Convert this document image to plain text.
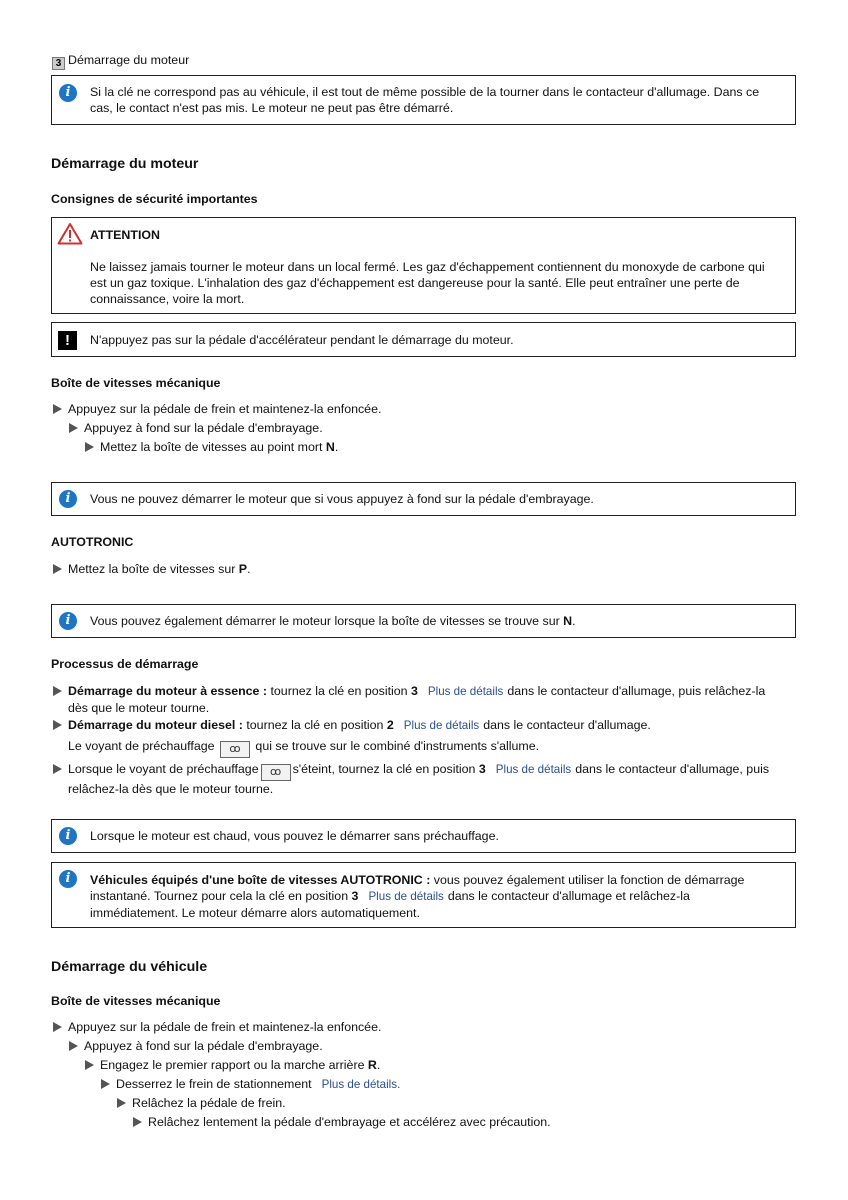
3 Démarrage du moteur
i	Si la clé ne correspond pas au véhicule, il est tout de même possible de la tourner dans le contacteur d'allumage. Dans ce cas, le contact n'est pas mis. Le moteur ne peut pas être démarré.
Démarrage du moteur
Consignes de sécurité importantes
ATTENTION
Ne laissez jamais tourner le moteur dans un local fermé. Les gaz d'échappement contiennent du monoxyde de carbone qui est un gaz toxique. L'inhalation des gaz d'échappement est dangereuse pour la santé. Elle peut entraîner une perte de connaissance, voire la mort.
!	N'appuyez pas sur la pédale d'accélérateur pendant le démarrage du moteur.
Boîte de vitesses mécanique
Appuyez sur la pédale de frein et maintenez-la enfoncée.
Appuyez à fond sur la pédale d'embrayage.
Mettez la boîte de vitesses au point mort N.
i	Vous ne pouvez démarrer le moteur que si vous appuyez à fond sur la pédale d'embrayage.
AUTOTRONIC
Mettez la boîte de vitesses sur P.
i	Vous pouvez également démarrer le moteur lorsque la boîte de vitesses se trouve sur N.
Processus de démarrage
Démarrage du moteur à essence : tournez la clé en position 3 Plus de détails dans le contacteur d'allumage, puis relâchez-la
dès que le moteur tourne.
Démarrage du moteur diesel : tournez la clé en position 2 Plus de détails dans le contacteur d'allumage.
Le voyant de préchauffage ꝏ qui se trouve sur le combiné d'instruments s'allume.
Lorsque le voyant de préchauffage ꝏ s'éteint, tournez la clé en position 3 Plus de détails dans le contacteur d'allumage, puis
relâchez-la dès que le moteur tourne.
i	Lorsque le moteur est chaud, vous pouvez le démarrer sans préchauffage.
i	Véhicules équipés d'une boîte de vitesses AUTOTRONIC : vous pouvez également utiliser la fonction de démarrage
instantané. Tournez pour cela la clé en position 3 Plus de détails dans le contacteur d'allumage et relâchez-la
immédiatement. Le moteur démarre alors automatiquement.
Démarrage du véhicule
Boîte de vitesses mécanique
Appuyez sur la pédale de frein et maintenez-la enfoncée.
Appuyez à fond sur la pédale d'embrayage.
Engagez le premier rapport ou la marche arrière R.
Desserrez le frein de stationnement Plus de détails.
Relâchez la pédale de frein.
Relâchez lentement la pédale d'embrayage et accélérez avec précaution.
